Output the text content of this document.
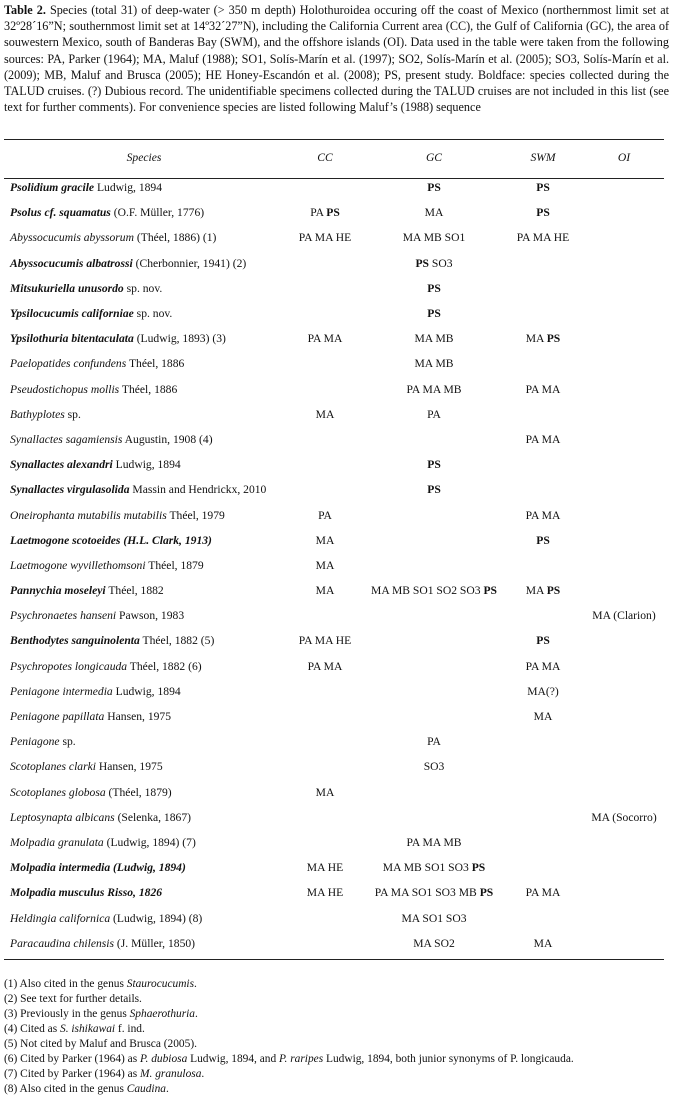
Table 2. Species (total 31) of deep-water (> 350 m depth) Holothuroidea occuring off the coast of Mexico (northernmost limit set at 32º28´16”N; southernmost limit set at 14º32´27”N), including the California Current area (CC), the Gulf of California (GC), the area of souwestern Mexico, south of Banderas Bay (SWM), and the offshore islands (OI). Data used in the table were taken from the following sources: PA, Parker (1964); MA, Maluf (1988); SO1, Solís-Marín et al. (1997); SO2, Solís-Marín et al. (2005); SO3, Solís-Marín et al. (2009); MB, Maluf and Brusca (2005); HE Honey-Escandón et al. (2008); PS, present study. Boldface: species collected during the TALUD cruises. (?) Dubious record. The unidentifiable specimens collected during the TALUD cruises are not included in this list (see text for further comments). For convenience species are listed following Maluf’s (1988) sequence

Species	CC	GC	SWM	OI
Psolidium gracile Ludwig, 1894		PS	PS	
Psolus cf. squamatus (O.F. Müller, 1776)	PA PS	MA	PS	
Abyssocucumis abyssorum (Théel, 1886) (1)	PA MA HE	MA MB SO1	PA MA HE	
Abyssocucumis albatrossi (Cherbonnier, 1941) (2)		PS SO3		
Mitsukuriella unusordo sp. nov.		PS		
Ypsilocucumis californiae sp. nov.		PS		
Ypsilothuria bitentaculata (Ludwig, 1893) (3)	PA MA	MA MB	MA PS	
Paelopatides confundens Théel, 1886		MA MB		
Pseudostichopus mollis Théel, 1886		PA MA MB	PA MA	
Bathyplotes sp.	MA	PA		
Synallactes sagamiensis Augustin, 1908 (4)			PA MA	
Synallactes alexandri Ludwig, 1894		PS		
Synallactes virgulasolida Massin and Hendrickx, 2010		PS		
Oneirophanta mutabilis mutabilis Théel, 1979	PA		PA MA	
Laetmogone scotoeides (H.L. Clark, 1913)	MA		PS	
Laetmogone wyvillethomsoni Théel, 1879	MA			
Pannychia moseleyi Théel, 1882	MA	MA MB SO1 SO2 SO3 PS	MA PS	
Psychronaetes hanseni Pawson, 1983				MA (Clarion)
Benthodytes sanguinolenta Théel, 1882 (5)	PA MA HE		PS	
Psychropotes longicauda Théel, 1882 (6)	PA MA		PA MA	
Peniagone intermedia Ludwig, 1894			MA(?)	
Peniagone papillata Hansen, 1975			MA	
Peniagone sp.		PA		
Scotoplanes clarki Hansen, 1975		SO3		
Scotoplanes globosa (Théel, 1879)	MA			
Leptosynapta albicans (Selenka, 1867)				MA (Socorro)
Molpadia granulata (Ludwig, 1894) (7)		PA MA MB		
Molpadia intermedia (Ludwig, 1894)	MA HE	MA MB SO1 SO3 PS		
Molpadia musculus Risso, 1826	MA HE	PA MA SO1 SO3 MB PS	PA MA	
Heldingia californica (Ludwig, 1894) (8)		MA SO1 SO3		
Paracaudina chilensis (J. Müller, 1850)		MA SO2	MA	
(1) Also cited in the genus Staurocucumis.
(2) See text for further details.
(3) Previously in the genus Sphaerothuria.
(4) Cited as S. ishikawai f. ind.
(5) Not cited by Maluf and Brusca (2005).
(6) Cited by Parker (1964) as P. dubiosa Ludwig, 1894, and P. raripes Ludwig, 1894, both junior synonyms of P. longicauda.
(7) Cited by Parker (1964) as M. granulosa.
(8) Also cited in the genus Caudina.
